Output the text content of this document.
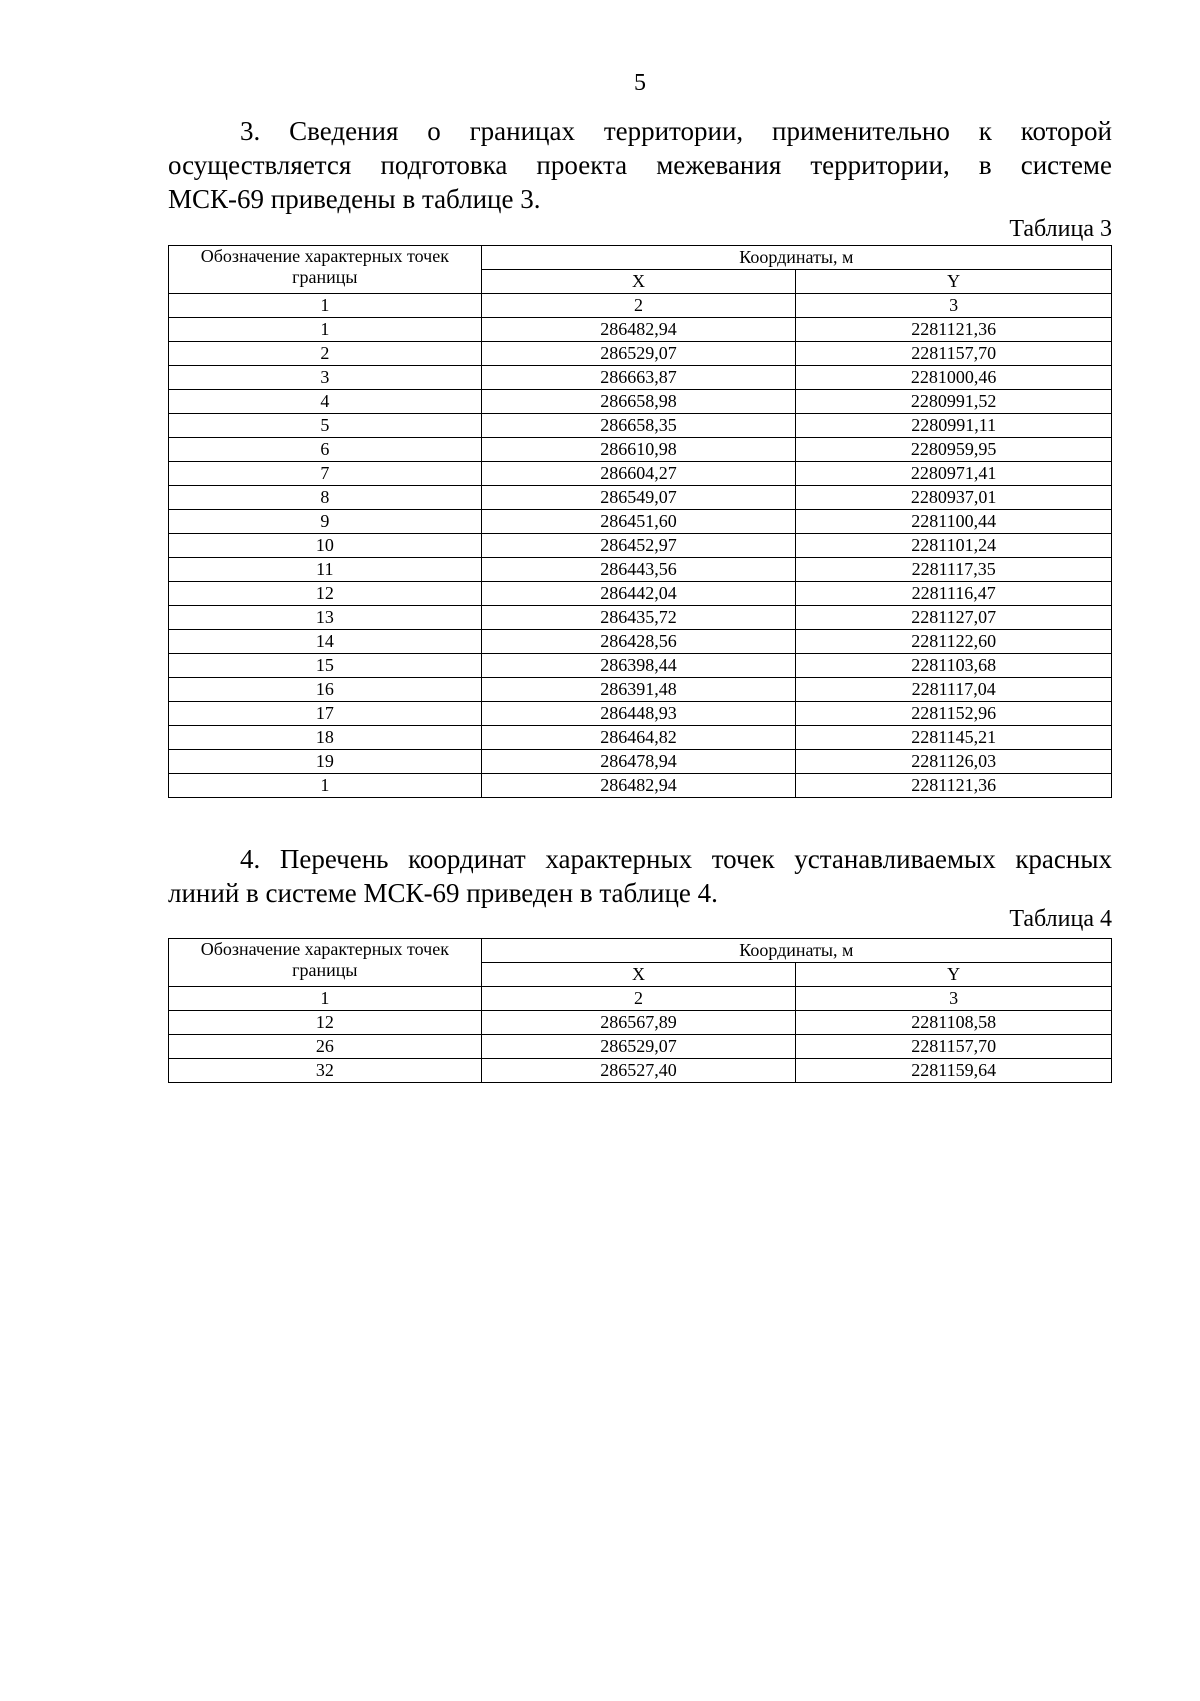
5
3. Сведения о границах территории, применительно к которой
осуществляется подготовка проекта межевания территории, в системе
МСК-69 приведены в таблице 3.
Таблица 3
Обозначение характерных точек границы	Координаты, м	
	X	Y
1	2	3
1	286482,94	2281121,36
2	286529,07	2281157,70
3	286663,87	2281000,46
4	286658,98	2280991,52
5	286658,35	2280991,11
6	286610,98	2280959,95
7	286604,27	2280971,41
8	286549,07	2280937,01
9	286451,60	2281100,44
10	286452,97	2281101,24
11	286443,56	2281117,35
12	286442,04	2281116,47
13	286435,72	2281127,07
14	286428,56	2281122,60
15	286398,44	2281103,68
16	286391,48	2281117,04
17	286448,93	2281152,96
18	286464,82	2281145,21
19	286478,94	2281126,03
1	286482,94	2281121,36
4. Перечень координат характерных точек устанавливаемых красных
линий в системе МСК-69 приведен в таблице 4.
Таблица 4
Обозначение характерных точек границы	Координаты, м	
	X	Y
1	2	3
12	286567,89	2281108,58
26	286529,07	2281157,70
32	286527,40	2281159,64
